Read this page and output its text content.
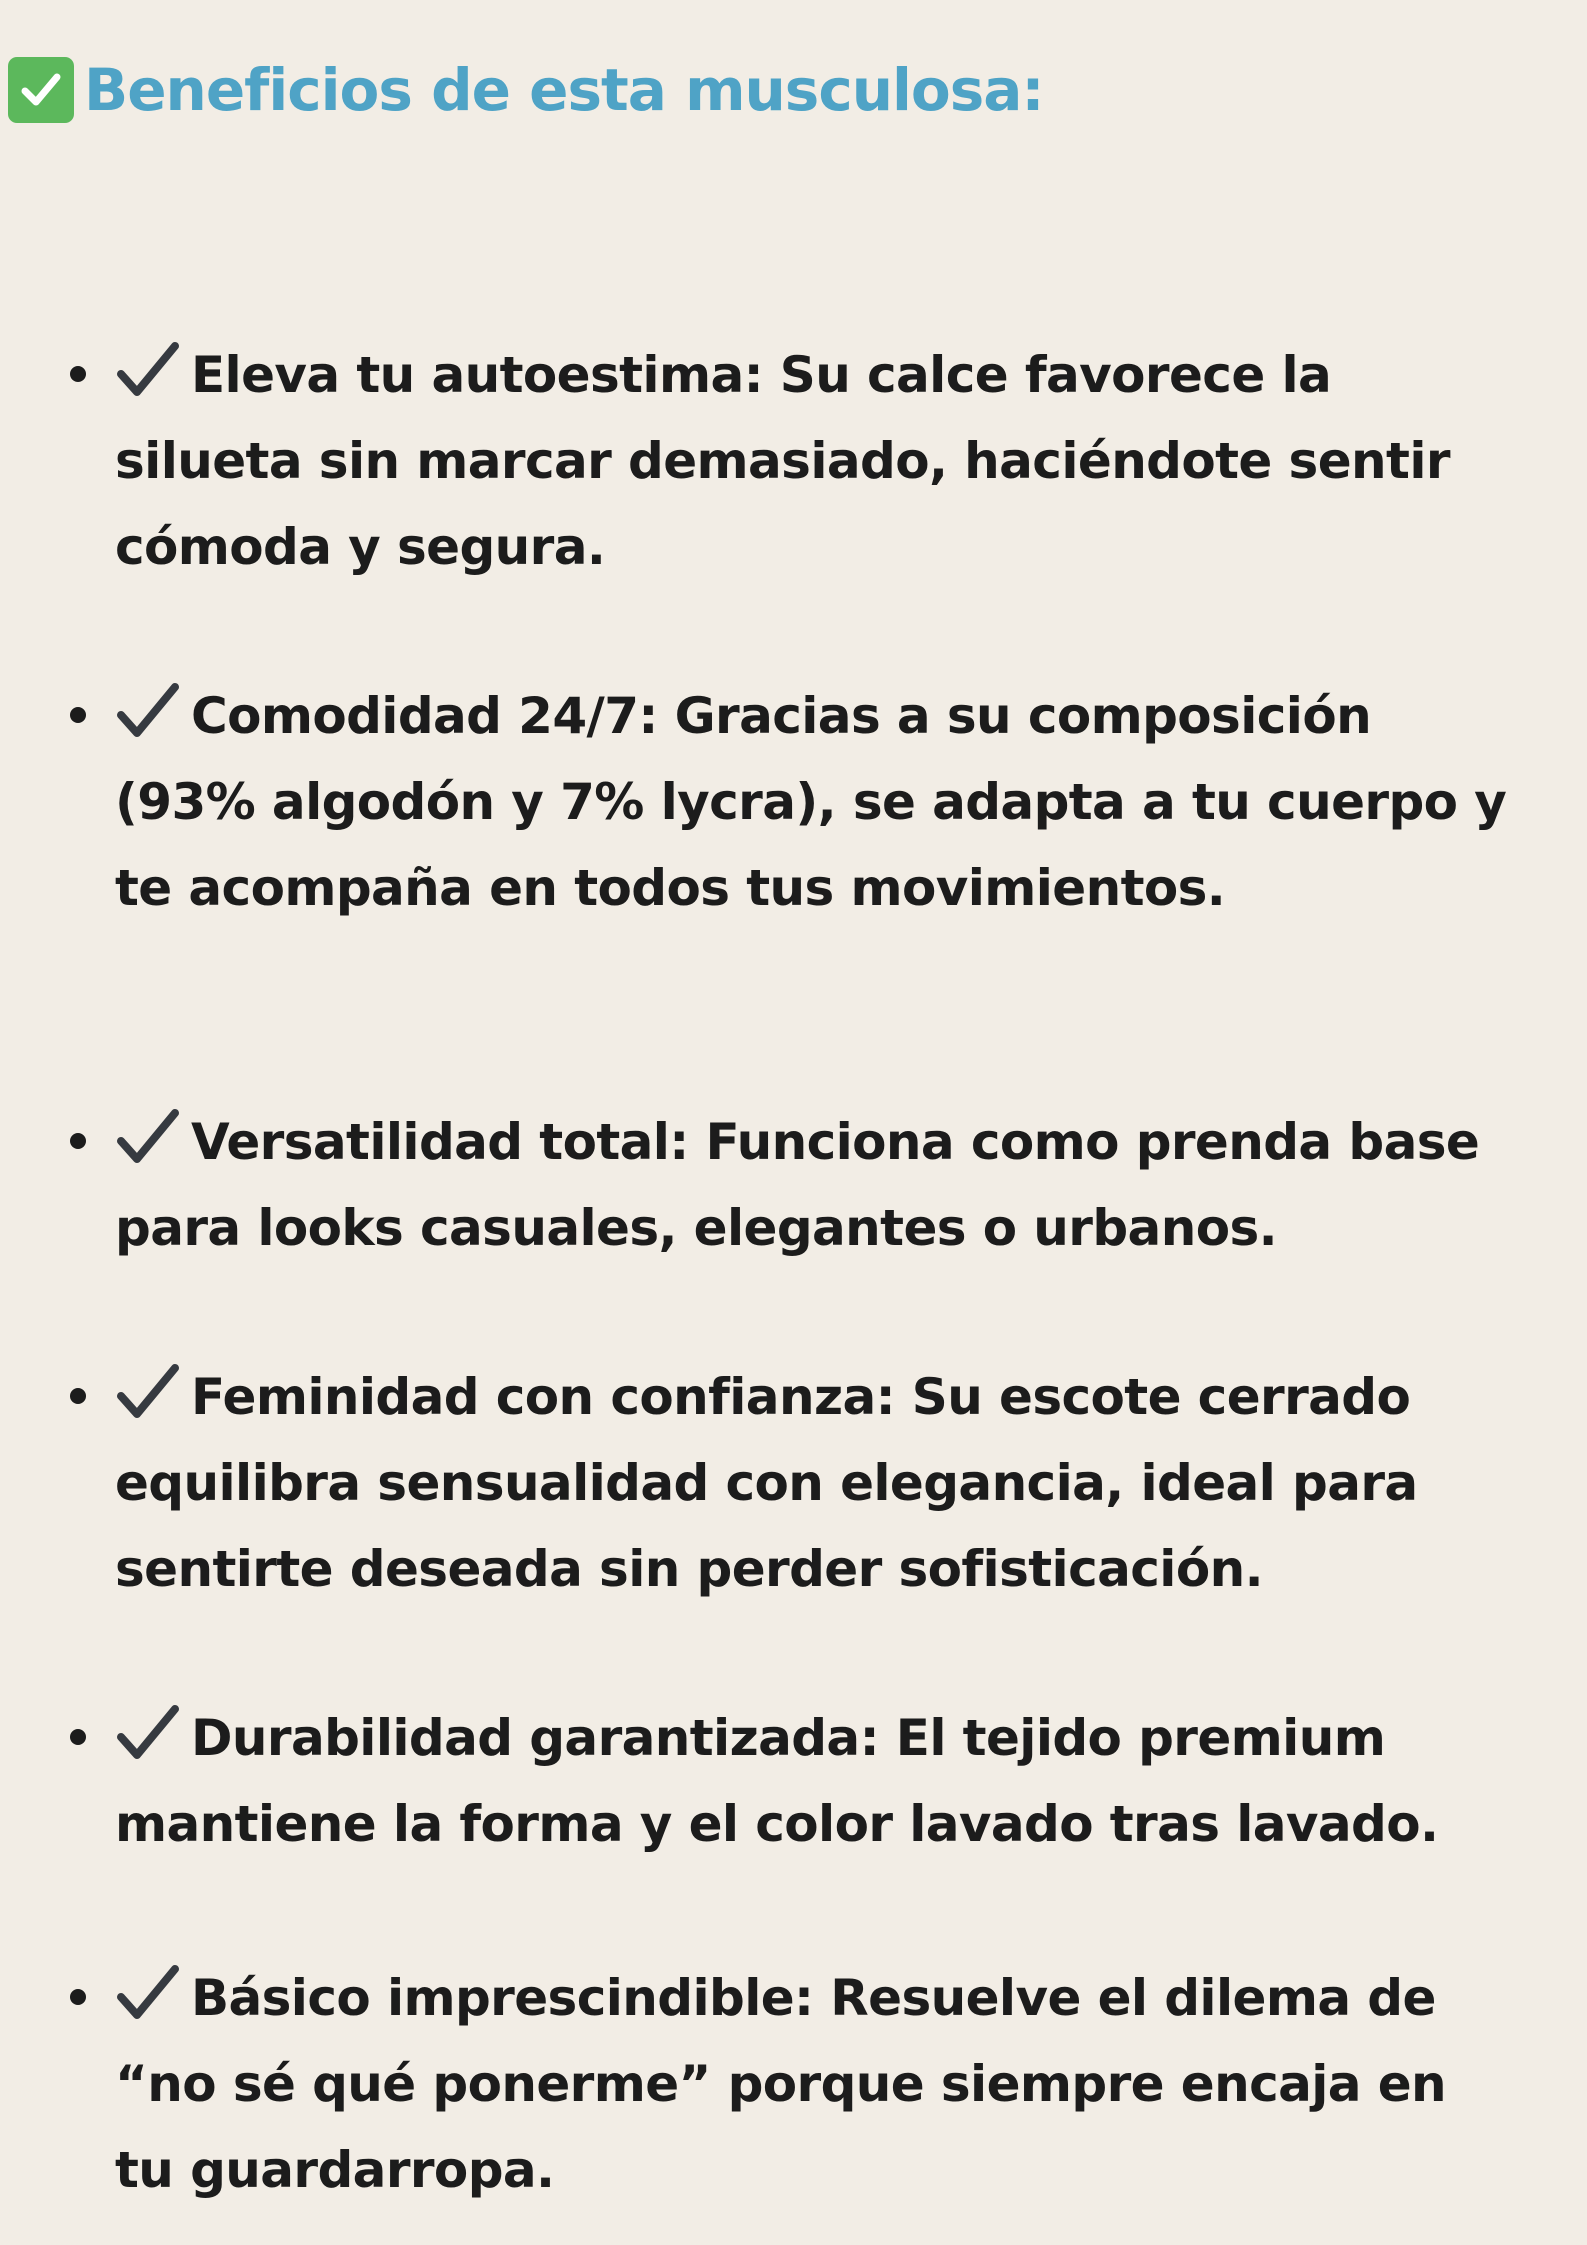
Beneficios de esta musculosa:
Eleva tu autoestima: Su calce favorece la
silueta sin marcar demasiado, haciéndote sentir
cómoda y segura.
Comodidad 24/7: Gracias a su composición
(93% algodón y 7% lycra), se adapta a tu cuerpo y
te acompaña en todos tus movimientos.
Versatilidad total: Funciona como prenda base
para looks casuales, elegantes o urbanos.
Feminidad con confianza: Su escote cerrado
equilibra sensualidad con elegancia, ideal para
sentirte deseada sin perder sofisticación.
Durabilidad garantizada: El tejido premium
mantiene la forma y el color lavado tras lavado.
Básico imprescindible: Resuelve el dilema de
“no sé qué ponerme” porque siempre encaja en
tu guardarropa.
